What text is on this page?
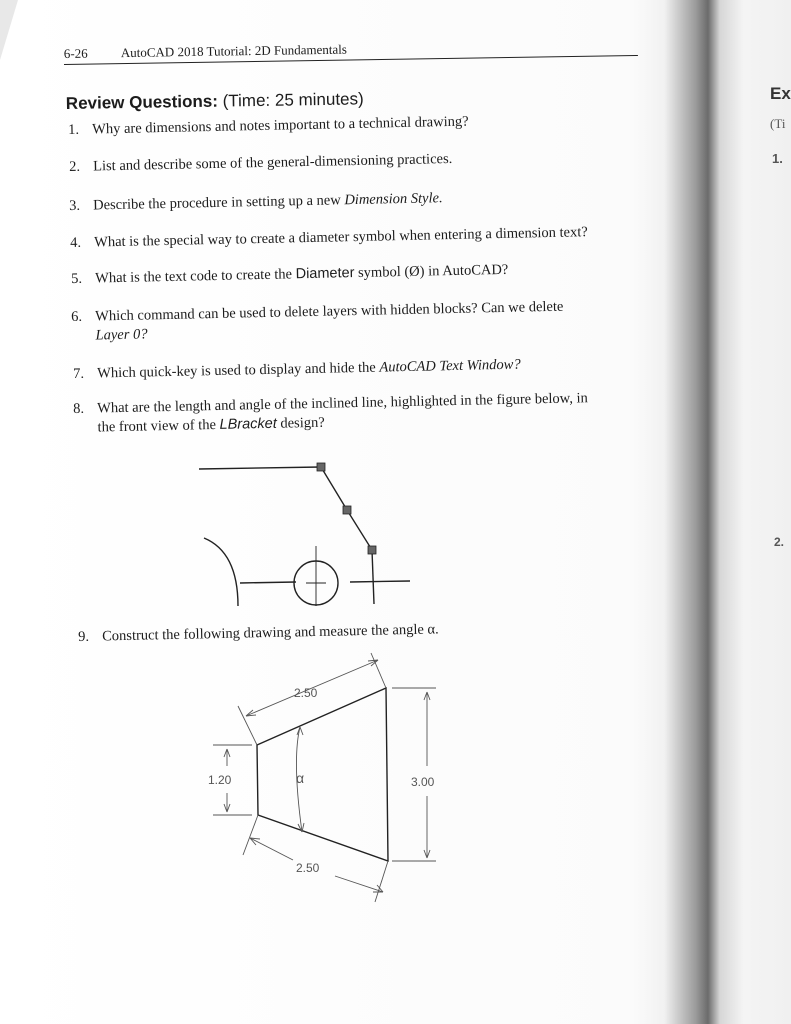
6-26	AutoCAD 2018 Tutorial: 2D Fundamentals
Review Questions: (Time: 25 minutes)
1. Why are dimensions and notes important to a technical drawing?
2. List and describe some of the general-dimensioning practices.
3. Describe the procedure in setting up a new Dimension Style.
4. What is the special way to create a diameter symbol when entering a dimension text?
5. What is the text code to create the Diameter symbol (Ø) in AutoCAD?
6. Which command can be used to delete layers with hidden blocks? Can we delete
Layer 0?
7. Which quick-key is used to display and hide the AutoCAD Text Window?
8. What are the length and angle of the inclined line, highlighted in the figure below, in
the front view of the LBracket design?
9. Construct the following drawing and measure the angle α.
2.50
1.20	3.00
2.50
α
Ex
(Ti
1.
2.
